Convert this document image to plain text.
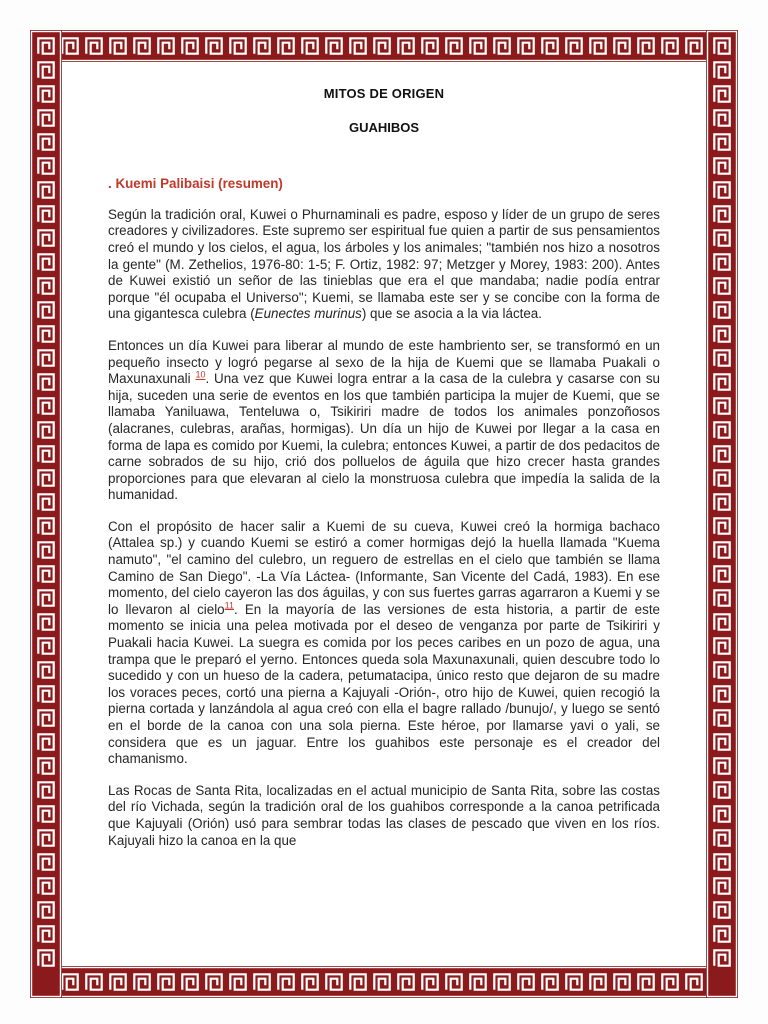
MITOS DE ORIGEN
GUAHIBOS
. Kuemi Palibaisi (resumen)

Según la tradición oral, Kuwei o Phurnaminali es padre, esposo y líder de un grupo de seres creadores y civilizadores. Este supremo ser espiritual fue quien a partir de sus pensamientos creó el mundo y los cielos, el agua, los árboles y los animales; "también nos hizo a nosotros la gente" (M. Zethelios, 1976-80: 1-5; F. Ortiz, 1982: 97; Metzger y Morey, 1983: 200). Antes de Kuwei existió un señor de las tinieblas que era el que mandaba; nadie podía entrar porque "él ocupaba el Universo"; Kuemi, se llamaba este ser y se concibe con la forma de una gigantesca culebra (Eunectes murinus) que se asocia a la via láctea.

Entonces un día Kuwei para liberar al mundo de este hambriento ser, se transformó en un pequeño insecto y logró pegarse al sexo de la hija de Kuemi que se llamaba Puakali o Maxunaxunali $^{10}$. Una vez que Kuwei logra entrar a la casa de la culebra y casarse con su hija, suceden una serie de eventos en los que también participa la mujer de Kuemi, que se llamaba Yaniluawa, Tenteluwa o, Tsikiriri madre de todos los animales ponzoñosos (alacranes, culebras, arañas, hormigas). Un día un hijo de Kuwei por llegar a la casa en forma de lapa es comido por Kuemi, la culebra; entonces Kuwei, a partir de dos pedacitos de carne sobrados de su hijo, crió dos polluelos de águila que hizo crecer hasta grandes proporciones para que elevaran al cielo la monstruosa culebra que impedía la salida de la humanidad.

Con el propósito de hacer salir a Kuemi de su cueva, Kuwei creó la hormiga bachaco (Attalea sp.) y cuando Kuemi se estiró a comer hormigas dejó la huella llamada "Kuema namuto", "el camino del culebro, un reguero de estrellas en el cielo que también se llama Camino de San Diego". -La Vía Láctea- (Informante, San Vicente del Cadá, 1983). En ese momento, del cielo cayeron las dos águilas, y con sus fuertes garras agarraron a Kuemi y se lo llevaron al cielo$^{11}$. En la mayoría de las versiones de esta historia, a partir de este momento se inicia una pelea motivada por el deseo de venganza por parte de Tsikiriri y Puakali hacia Kuwei. La suegra es comida por los peces caribes en un pozo de agua, una trampa que le preparó el yerno. Entonces queda sola Maxunaxunali, quien descubre todo lo sucedido y con un hueso de la cadera, petumatacipa, único resto que dejaron de su madre los voraces peces, cortó una pierna a Kajuyali -Orión-, otro hijo de Kuwei, quien recogió la pierna cortada y lanzándola al agua creó con ella el bagre rallado /bunujo/, y luego se sentó en el borde de la canoa con una sola pierna. Este héroe, por llamarse yavi o yali, se considera que es un jaguar. Entre los guahibos este personaje es el creador del chamanismo.

Las Rocas de Santa Rita, localizadas en el actual municipio de Santa Rita, sobre las costas del río Vichada, según la tradición oral de los guahibos corresponde a la canoa petrificada que Kajuyali (Orión) usó para sembrar todas las clases de pescado que viven en los ríos. Kajuyali hizo la canoa en la que
